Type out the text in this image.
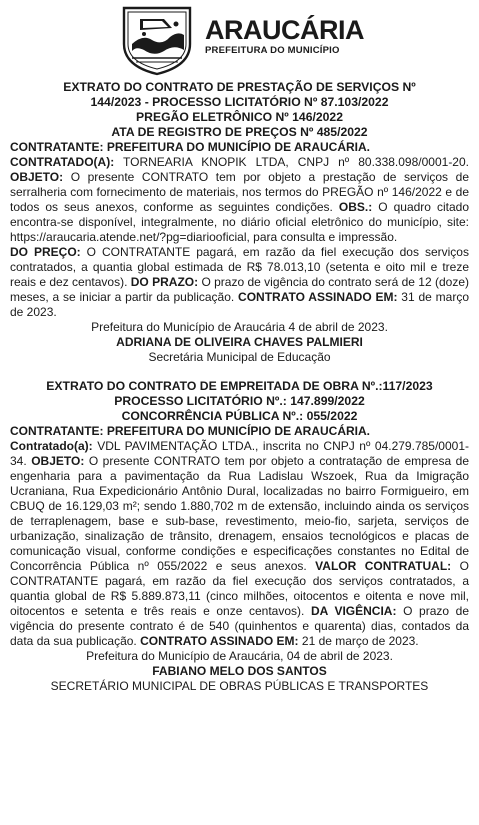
ARAUCÁRIA
PREFEITURA DO MUNICÍPIO
EXTRATO DO CONTRATO DE PRESTAÇÃO DE SERVIÇOS Nº
144/2023 - PROCESSO LICITATÓRIO Nº 87.103/2022
PREGÃO ELETRÔNICO Nº 146/2022
ATA DE REGISTRO DE PREÇOS Nº 485/2022
CONTRATANTE: PREFEITURA DO MUNICÍPIO DE ARAUCÁRIA.
CONTRATADO(A): TORNEARIA KNOPIK LTDA, CNPJ nº 80.338.098/0001-20. OBJETO: O presente CONTRATO tem por objeto a prestação de serviços de serralheria com fornecimento de materiais, nos termos do PREGÃO nº 146/2022 e de todos os seus anexos, conforme as seguintes condições. OBS.: O quadro citado encontra-se disponível, integralmente, no diário oficial eletrônico do município, site: https://araucaria.atende.net/?pg=diariooficial, para consulta e impressão.
DO PREÇO: O CONTRATANTE pagará, em razão da fiel execução dos serviços contratados, a quantia global estimada de R$ 78.013,10 (setenta e oito mil e treze reais e dez centavos). DO PRAZO: O prazo de vigência do contrato será de 12 (doze) meses, a se iniciar a partir da publicação. CONTRATO ASSINADO EM: 31 de março de 2023.
Prefeitura do Município de Araucária 4 de abril de 2023.
ADRIANA DE OLIVEIRA CHAVES PALMIERI
Secretária Municipal de Educação
EXTRATO DO CONTRATO DE EMPREITADA DE OBRA Nº.:117/2023
PROCESSO LICITATÓRIO Nº.: 147.899/2022
CONCORRÊNCIA PÚBLICA Nº.: 055/2022
CONTRATANTE: PREFEITURA DO MUNICÍPIO DE ARAUCÁRIA.
Contratado(a): VDL PAVIMENTAÇÃO LTDA., inscrita no CNPJ nº 04.279.785/0001-34. OBJETO: O presente CONTRATO tem por objeto a contratação de empresa de engenharia para a pavimentação da Rua Ladislau Wszoek, Rua da Imigração Ucraniana, Rua Expedicionário Antônio Dural, localizadas no bairro Formigueiro, em CBUQ de 16.129,03 m²; sendo 1.880,702 m de extensão, incluindo ainda os serviços de terraplenagem, base e sub-base, revestimento, meio-fio, sarjeta, serviços de urbanização, sinalização de trânsito, drenagem, ensaios tecnológicos e placas de comunicação visual, conforme condições e especificações constantes no Edital de Concorrência Pública nº 055/2022 e seus anexos. VALOR CONTRATUAL: O CONTRATANTE pagará, em razão da fiel execução dos serviços contratados, a quantia global de R$ 5.889.873,11 (cinco milhões, oitocentos e oitenta e nove mil, oitocentos e setenta e três reais e onze centavos). DA VIGÊNCIA: O prazo de vigência do presente contrato é de 540 (quinhentos e quarenta) dias, contados da data da sua publicação. CONTRATO ASSINADO EM: 21 de março de 2023.
Prefeitura do Município de Araucária, 04 de abril de 2023.
FABIANO MELO DOS SANTOS
SECRETÁRIO MUNICIPAL DE OBRAS PÚBLICAS E TRANSPORTES
